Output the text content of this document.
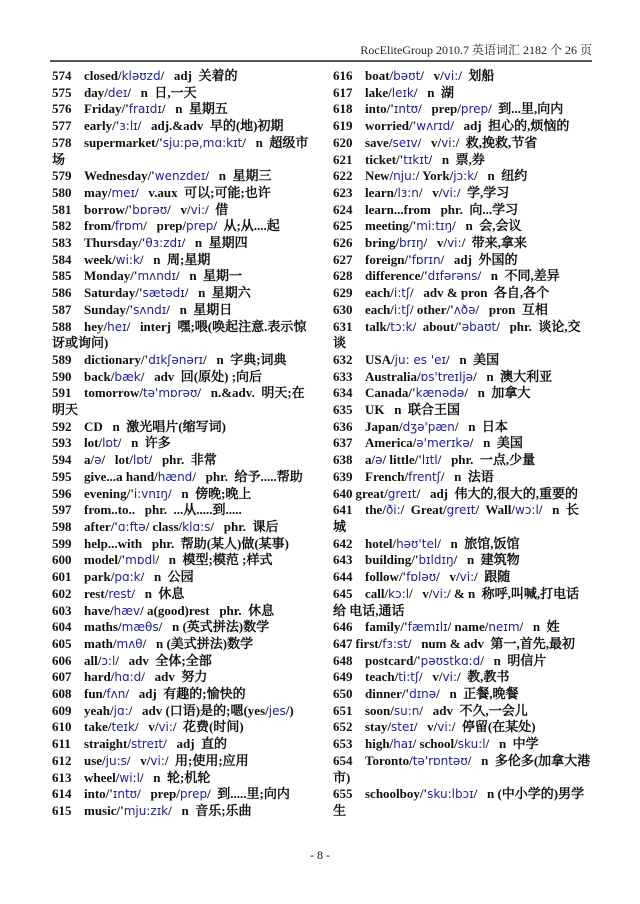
RocEliteGroup 2010.7 英语词汇 2182 个 26 页
574 closed/kləʊzd/   adj  关着的
575 day/deɪ/   n  日,一天
576 Friday/'fraɪdɪ/   n  星期五
577 early/'ɜ:lɪ/   adj.&adv  早的(地)初期
578 supermarket/'sju:pə,mɑ:kɪt/   n  超级市场
579 Wednesday/'wenzdeɪ/   n  星期三
580 may/meɪ/   v.aux  可以;可能;也许
581 borrow/'bɒrəʊ/   v/vi:/  借
582 from/frɒm/   prep/prep/  从;从....起
583 Thursday/'θɜ:zdɪ/   n  星期四
584 week/wi:k/   n  周;星期
585 Monday/'mʌndɪ/   n  星期一
586 Saturday/'sætədɪ/   n  星期六
587 Sunday/'sʌndɪ/   n  星期日
588 hey/heɪ/   interj  嘿;喂(唤起注意.表示惊讶或询问)
589 dictionary/'dɪkʃənərɪ/   n  字典;词典
590 back/bæk/   adv  回(原处) ;向后
591 tomorrow/tə'mɒrəʊ/   n.&adv.  明天;在明天
592 CD   n  激光唱片(缩写词)
593 lot/lɒt/   n  许多
594 a/ə/   lot/lɒt/   phr.  非常
595 give...a hand/hænd/   phr.  给予.....帮助
596 evening/'i:vnɪŋ/   n  傍晚;晚上
597 from..to..   phr.  ...从.....到.....
598 after/'ɑ:ftə/ class/klɑ:s/   phr.  课后
599 help...with   phr.  帮助(某人)做(某事)
600 model/'mɒdl/   n  模型;模范 ;样式
601 park/pɑ:k/   n  公园
602 rest/rest/   n  休息
603 have/hæv/ a(good)rest   phr.  休息
604 maths/mæθs/   n (英式拼法)数学
605 math/mʌθ/   n (美式拼法)数学
606 all/ɔ:l/   adv  全体;全部
607 hard/hɑ:d/   adv  努力
608 fun/fʌn/   adj  有趣的;愉快的
609 yeah/jɑ:/   adv (口语)是的;嗯(yes/jes/)
610 take/teɪk/   v/vi:/  花费(时间)
611 straight/streɪt/   adj  直的
612 use/ju:s/   v/vi:/  用;使用;应用
613 wheel/wi:l/   n  轮;机轮
614 into/'ɪntʊ/   prep/prep/  到.....里;向内
615 music/'mju:zɪk/   n  音乐;乐曲
616 boat/bəʊt/   v/vi:/  划船
617 lake/leɪk/   n  湖
618 into/'ɪntʊ/   prep/prep/  到...里,向内
619 worried/'wʌrɪd/   adj  担心的,烦恼的
620 save/seɪv/   v/vi:/  救,挽救,节省
621 ticket/'tɪkɪt/   n  票,券
622 New/nju:/ York/jɔ:k/   n  纽约
623 learn/lɜ:n/   v/vi:/  学,学习
624 learn...from   phr.  向...学习
625 meeting/'mi:tɪŋ/   n  会,会议
626 bring/brɪŋ/   v/vi:/  带来,拿来
627 foreign/'fɒrɪn/   adj  外国的
628 difference/'dɪfərəns/   n  不同,差异
629 each/i:tʃ/   adv & pron  各自,各个
630 each/i:tʃ/ other/'ʌðə/   pron  互相
631 talk/tɔ:k/  about/'əbaʊt/   phr.  谈论,交谈
632 USA/ju: es 'eɪ/   n  美国
633 Australia/ɒs'treɪljə/   n  澳大利亚
634 Canada/'kænədə/   n  加拿大
635 UK   n  联合王国
636 Japan/dʒə'pæn/   n  日本
637 America/ə'merɪkə/   n  美国
638 a/ə/ little/'lɪtl/   phr.  一点,少量
639 French/frentʃ/   n  法语
640 great/greɪt/   adj  伟大的,很大的,重要的
641 the/ði:/  Great/greɪt/  Wall/wɔ:l/   n  长城
642 hotel/həʊ'tel/   n  旅馆,饭馆
643 building/'bɪldɪŋ/   n  建筑物
644 follow/'fɒləʊ/   v/vi:/  跟随
645 call/kɔ:l/   v/vi:/ & n  称呼,叫喊,打电话给 电话,通话
646 family/'fæmɪlɪ/ name/neɪm/   n  姓
647 first/fɜ:st/   num & adv  第一,首先,最初
648 postcard/'pəʊstkɑ:d/   n  明信片
649 teach/ti:tʃ/   v/vi:/  教,教书
650 dinner/'dɪnə/   n  正餐,晚餐
651 soon/su:n/   adv  不久,一会儿
652 stay/steɪ/   v/vi:/  停留(在某处)
653 high/haɪ/ school/sku:l/   n  中学
654 Toronto/tə'rɒntəʊ/   n  多伦多(加拿大港市)
655 schoolboy/'sku:lbɔɪ/   n (中小学的)男学生
- 8 -
